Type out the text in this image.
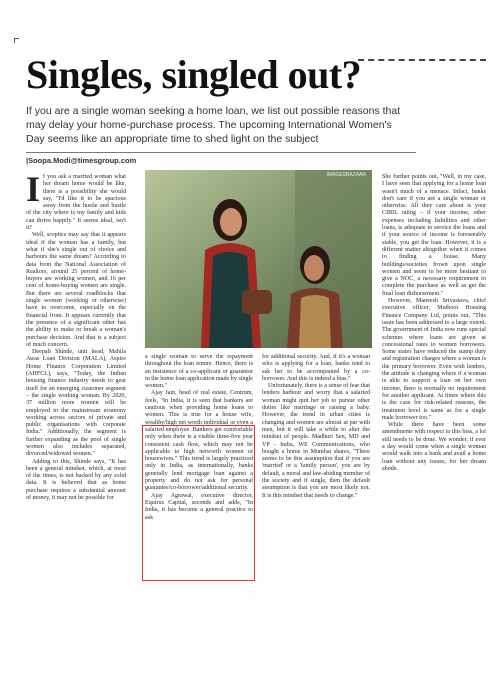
Singles, singled out?

If you are a single woman seeking a home loan, we list out possible reasons that may delay your home-purchase process. The upcoming International Women's Day seems like an appropriate time to shed light on the subject

|Soopa.Modi@timesgroup.com
I f you ask a married woman what her dream home would be like, there is a possibility she would say, "I'd like it to be spacious away from the hustle and bustle of the city where is my family and kids can thrive happily." It seems ideal, isn't it?

Well, sceptics may say that it appears ideal if the woman has a family, but what if she's single out of choice and harbours the same dream? According to data from the National Association of Realtors, around 25 percent of home-buyers are working women, and 16 per cent of home-buying women are single. But there are several roadblocks that single women (working or otherwise) have to overcome, especially on the financial front. It appears currently that the presence of a significant other has the ability to make or break a woman's purchase decision. And that is a subject of much concern.

Deepali Shinde, unit head, Mahila Awas Loan Division (MALA), Aspire Home Finance Corporation Limited (AHFCL), says, "Today, the Indian housing finance industry needs to gear itself for an emerging customer segment – the single working woman. By 2020, 37 million more women will be employed in the mainstream economy working across sectors of private and public organisations with corporate India." Additionally, the segment is further expanding as the pool of single women also includes separated, divorced/widowed women."

Adding to this, Shinde says, "It has been a general mindset, which, at most of the times, is not backed by any solid data. It is believed that as home purchase requires a substantial amount of money, it may not be possible for

IMAGESBAZAAR

a single woman to serve the repayment throughout the loan tenure. Hence, there is an insistence of a co-applicant or guarantor in the home loan application made by single women."

Ajay Jain, head of real estate, Centrum, feels, "In India, it is seen that bankers are cautious when providing home loans to women. This is true for a house wife, wealthy/high net worth individual or even a salaried employee. Bankers get comfortable only when there is a visible three-five year consistent cash flow, which may not be applicable to high networth women or housewives." This trend is largely practiced only in India, as internationally, banks generally lend mortgage loan against a property and do not ask for personal guarantee/co-borrower/additional security.

Ajay Agrawal, executive director, Equirus Capital, seconds and adds, "In India, it has become a general practice to ask

for additional security. And, if it's a woman who is applying for a loan, banks tend to ask her to be accompanied by a co-borrower. And this is indeed a bias."

Unfortunately, there is a sense of fear that lenders harbour and worry that a salaried woman might quit her job to pursue other duties like marriage or raising a baby. However, the trend in urban cities is changing and women are almost at par with men, but it will take a while to alter the mindset of people. Madhuri Sen, MD and VP - India, WE Communications, who bought a home in Mumbai shares, "There seems to be this assumption that if you are 'married' or a 'family person', you are by default, a moral and law-abiding member of the society and if single, then the default assumption is that you are most likely not. It is this mindset that needs to change."

She further points out, "Well, in my case, I have seen that applying for a home loan wasn't much of a menace. Infact, banks don't care if you are a single woman or otherwise. All they care about is your CIBIL rating – if your income, other expenses including liabilities and other loans, is adequate to service the loans and if your source of income is foreseeably stable, you get the loan. However, it is a different matter altogether when it comes to finding a house. Many buildings/societies frown upon single women and seem to be more hesitant to give a NOC, a necessary requirement to complete the purchase as well as get the final loan disbursement."

However, Maneesh Srivastava, chief executive officer, Muthoot Housing Finance Company Ltd, points out, "This issue has been addressed to a large extent. The government of India now runs special schemes where loans are given at concessional rates to women borrowers. Some states have reduced the stamp duty and registration charges where a woman is the primary borrower. Even with lenders, the attitude is changing where if a woman is able to support a loan on her own income, there is normally no requirement for another applicant. At times where this is the case for risk-related reasons, the treatment level is same as for a single male borrower too."

While there have been some amendments with respect to this bias, a lot still needs to be done. We wonder, if ever a day would come when a single woman would walk into a bank and avail a home loan without any issues, for her dream abode.
